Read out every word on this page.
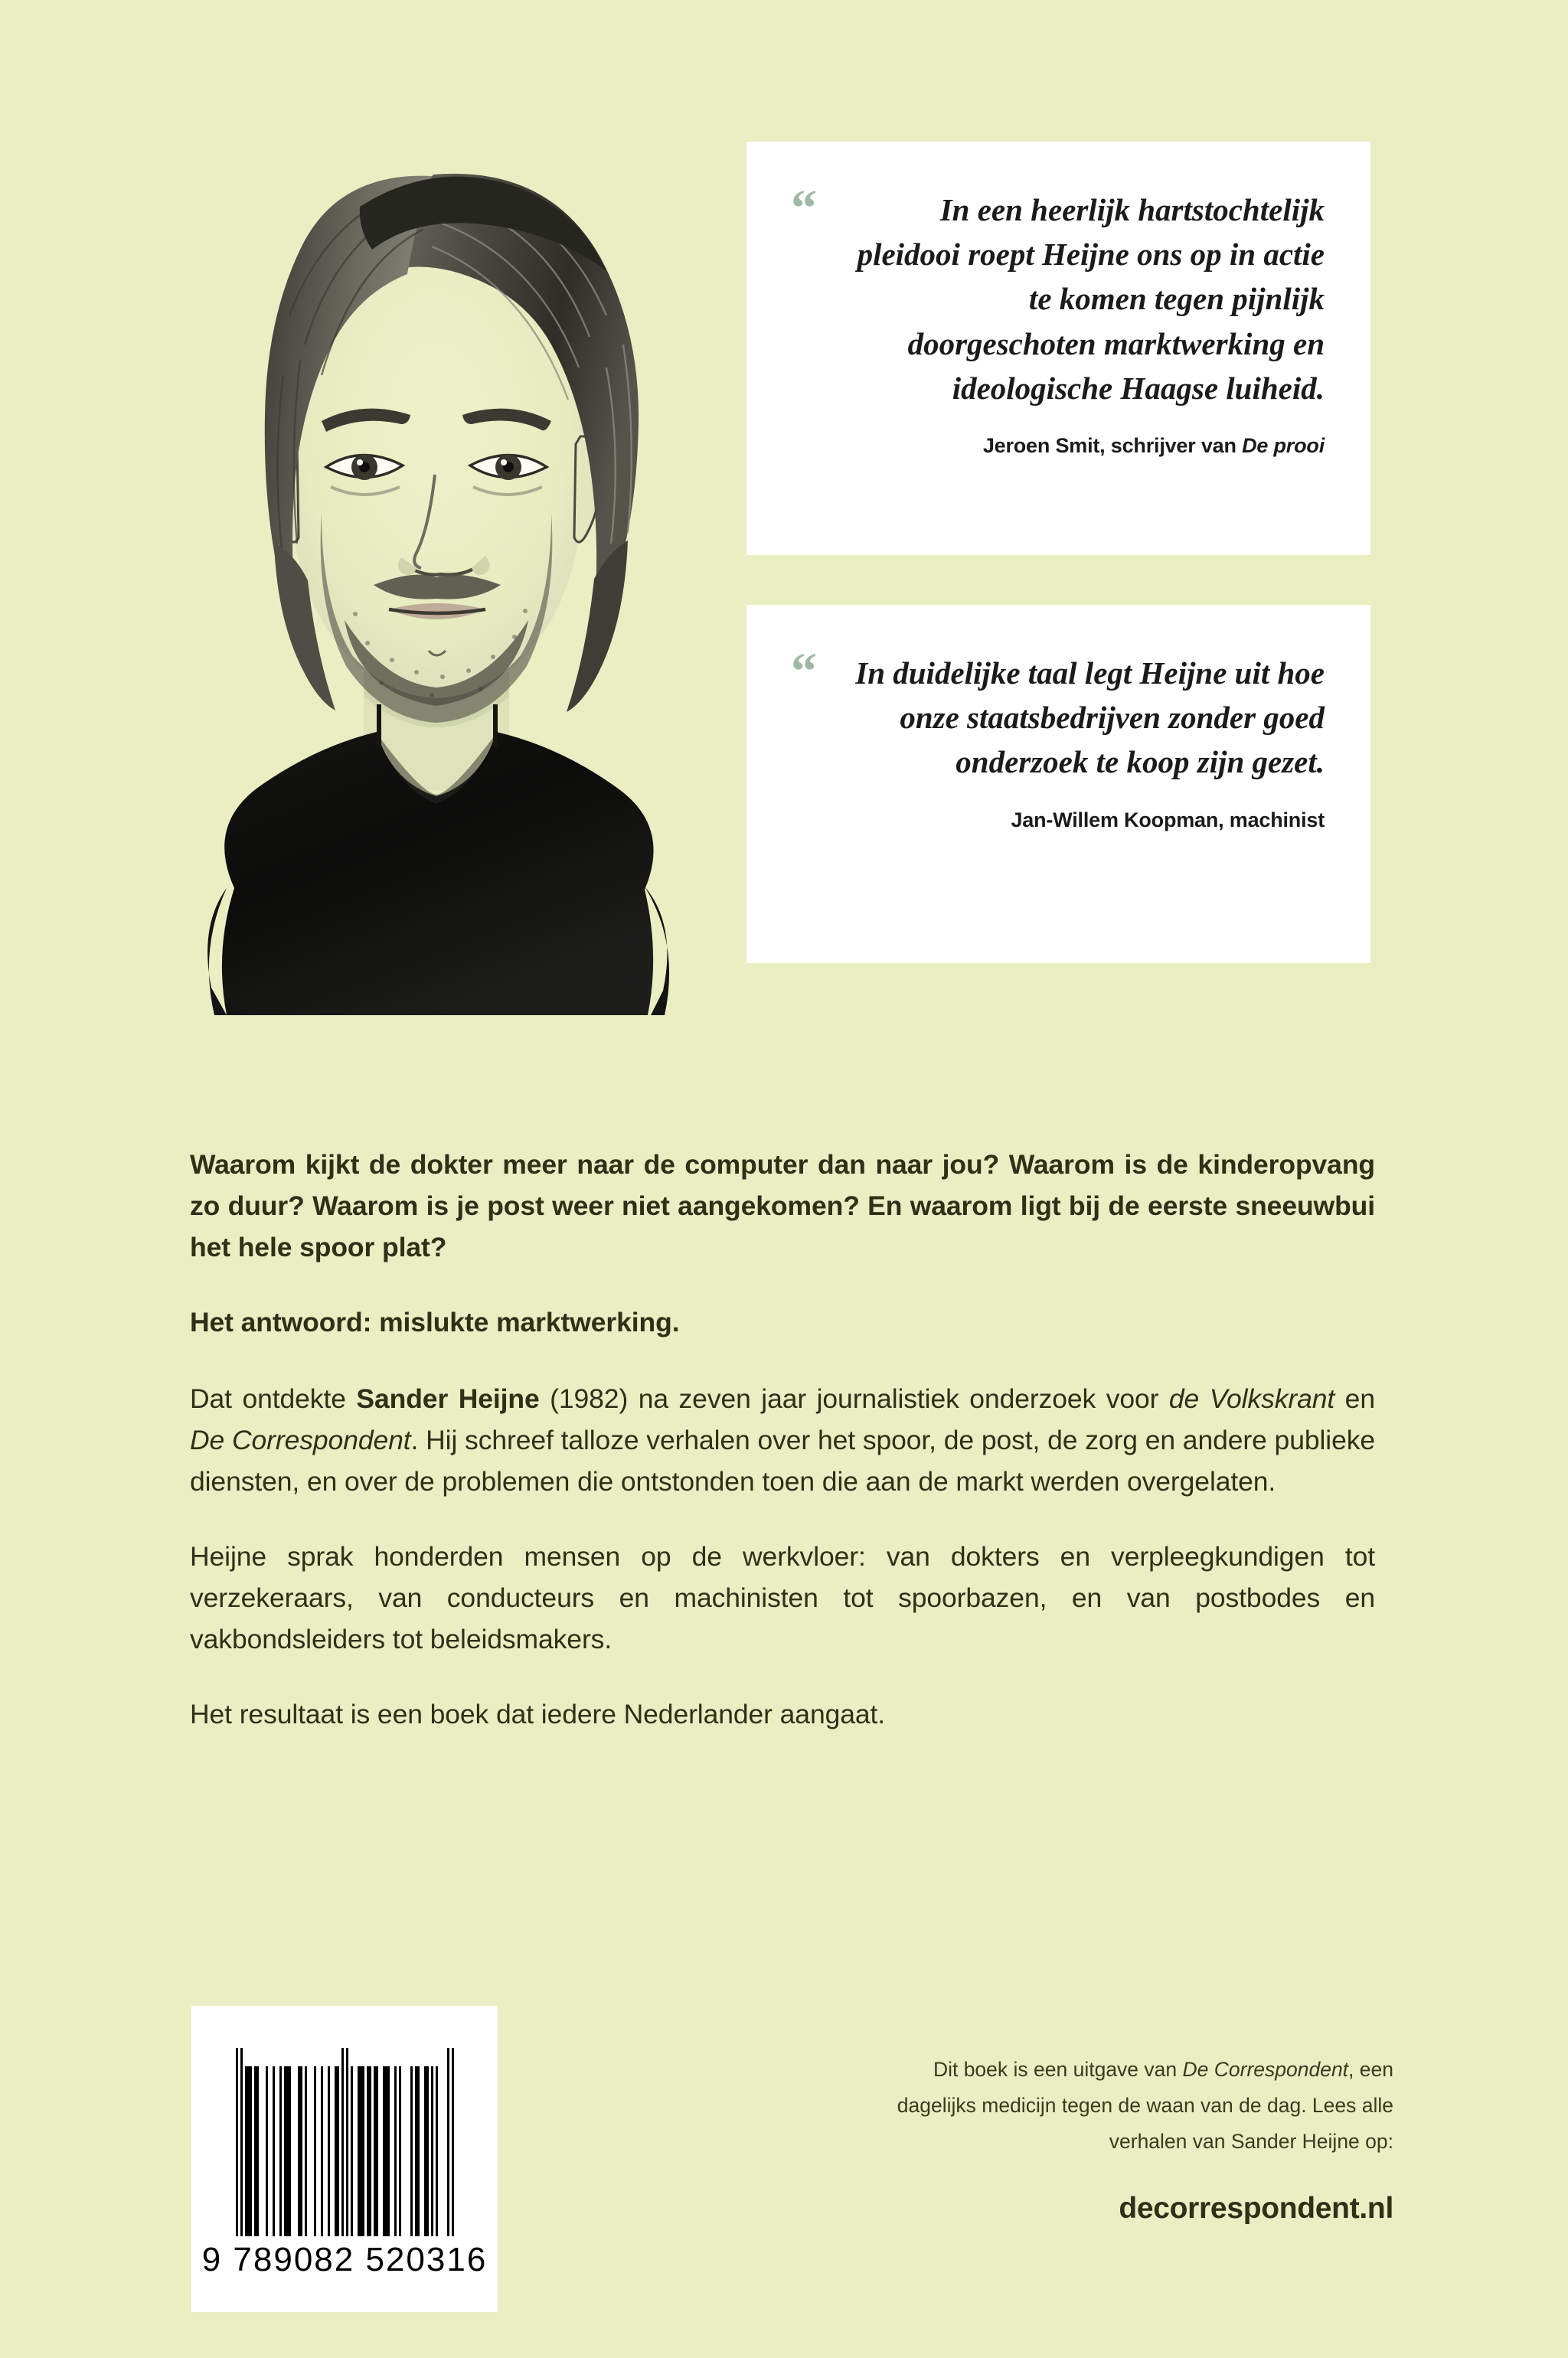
“	In een heerlijk hartstochtelijk pleidooi roept Heijne ons op in actie te komen tegen pijnlijk doorgeschoten marktwerking en ideologische Haagse luiheid.
Jeroen Smit, schrijver van De prooi
“	In duidelijke taal legt Heijne uit hoe onze staatsbedrijven zonder goed onderzoek te koop zijn gezet.
Jan-Willem Koopman, machinist

Waarom kijkt de dokter meer naar de computer dan naar jou? Waarom is de kinderopvang zo duur? Waarom is je post weer niet aangekomen? En waarom ligt bij de eerste sneeuwbui het hele spoor plat?

Het antwoord: mislukte marktwerking.

Dat ontdekte Sander Heijne (1982) na zeven jaar journalistiek onderzoek voor de Volkskrant en De Correspondent. Hij schreef talloze verhalen over het spoor, de post, de zorg en andere publieke diensten, en over de problemen die ontstonden toen die aan de markt werden overgelaten.

Heijne sprak honderden mensen op de werkvloer: van dokters en verpleegkundigen tot verzekeraars, van conducteurs en machinisten tot spoorbazen, en van postbodes en vakbondsleiders tot beleidsmakers.

Het resultaat is een boek dat iedere Nederlander aangaat.

9 789082 520316
Dit boek is een uitgave van De Correspondent, een dagelijks medicijn tegen de waan van de dag. Lees alle verhalen van Sander Heijne op:
decorrespondent.nl
